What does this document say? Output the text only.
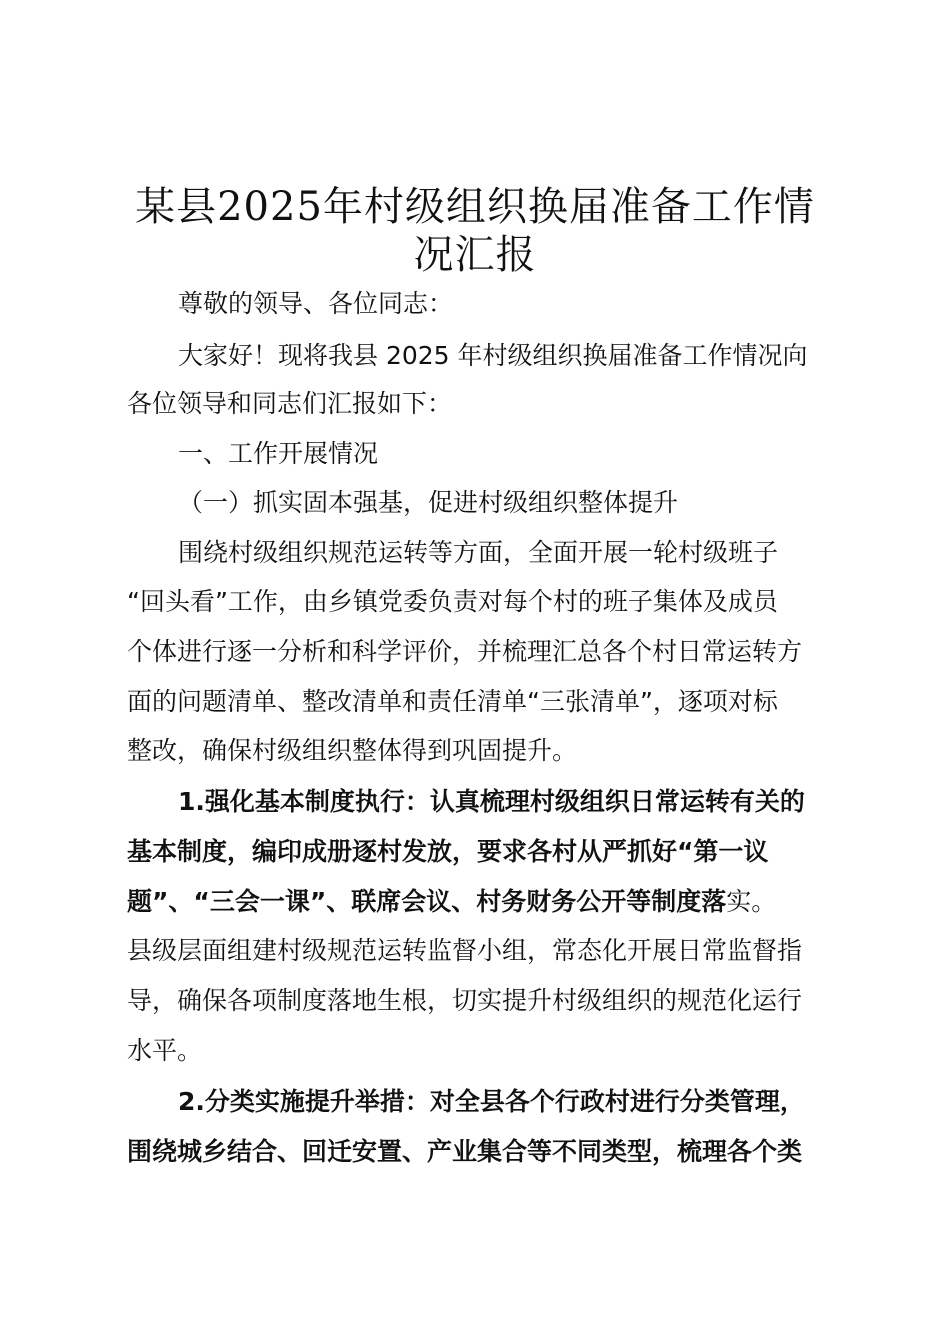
某县2025年村级组织换届准备工作情
况汇报
尊敬的领导、各位同志：
大家好！现将我县 2025 年村级组织换届准备工作情况向
各位领导和同志们汇报如下：
一、工作开展情况
（一）抓实固本强基，促进村级组织整体提升
围绕村级组织规范运转等方面，全面开展一轮村级班子
“回头看”工作，由乡镇党委负责对每个村的班子集体及成员
个体进行逐一分析和科学评价，并梳理汇总各个村日常运转方
面的问题清单、整改清单和责任清单“三张清单”，逐项对标
整改，确保村级组织整体得到巩固提升。
1.强化基本制度执行：认真梳理村级组织日常运转有关的
基本制度，编印成册逐村发放，要求各村从严抓好“第一议
题”、“三会一课”、联席会议、村务财务公开等制度落实。
县级层面组建村级规范运转监督小组，常态化开展日常监督指
导，确保各项制度落地生根，切实提升村级组织的规范化运行
水平。
2.分类实施提升举措：对全县各个行政村进行分类管理，
围绕城乡结合、回迁安置、产业集合等不同类型，梳理各个类
